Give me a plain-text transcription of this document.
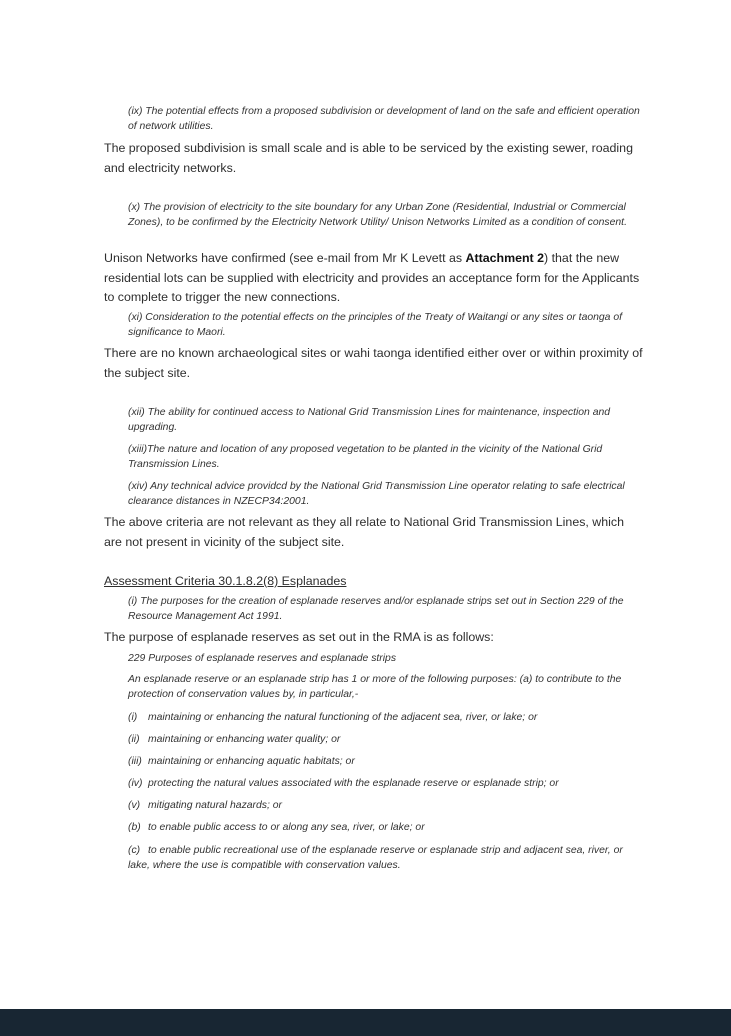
(ix) The potential effects from a proposed subdivision or development of land on the safe and efficient operation of network utilities.

The proposed subdivision is small scale and is able to be serviced by the existing sewer, roading and electricity networks.

(x) The provision of electricity to the site boundary for any Urban Zone (Residential, Industrial or Commercial Zones), to be confirmed by the Electricity Network Utility/ Unison Networks Limited as a condition of consent.

Unison Networks have confirmed (see e-mail from Mr K Levett as Attachment 2) that the new residential lots can be supplied with electricity and provides an acceptance form for the Applicants to complete to trigger the new connections.

(xi) Consideration to the potential effects on the principles of the Treaty of Waitangi or any sites or taonga of significance to Maori.

There are no known archaeological sites or wahi taonga identified either over or within proximity of the subject site.

(xii) The ability for continued access to National Grid Transmission Lines for maintenance, inspection and upgrading.

(xiii)The nature and location of any proposed vegetation to be planted in the vicinity of the National Grid Transmission Lines.

(xiv) Any technical advice providcd by the National Grid Transmission Line operator relating to safe electrical clearance distances in NZECP34:2001.

The above criteria are not relevant as they all relate to National Grid Transmission Lines, which are not present in vicinity of the subject site.

Assessment Criteria 30.1.8.2(8) Esplanades

(i) The purposes for the creation of esplanade reserves and/or esplanade strips set out in Section 229 of the Resource Management Act 1991.

The purpose of esplanade reserves as set out in the RMA is as follows:

229 Purposes of esplanade reserves and esplanade strips

An esplanade reserve or an esplanade strip has 1 or more of the following purposes: (a) to contribute to the protection of conservation values by, in particular,-

(i) maintaining or enhancing the natural functioning of the adjacent sea, river, or lake; or

(ii) maintaining or enhancing water quality; or

(iii) maintaining or enhancing aquatic habitats; or

(iv) protecting the natural values associated with the esplanade reserve or esplanade strip; or

(v) mitigating natural hazards; or

(b) to enable public access to or along any sea, river, or lake; or

(c) to enable public recreational use of the esplanade reserve or esplanade strip and adjacent sea, river, or lake, where the use is compatible with conservation values.
